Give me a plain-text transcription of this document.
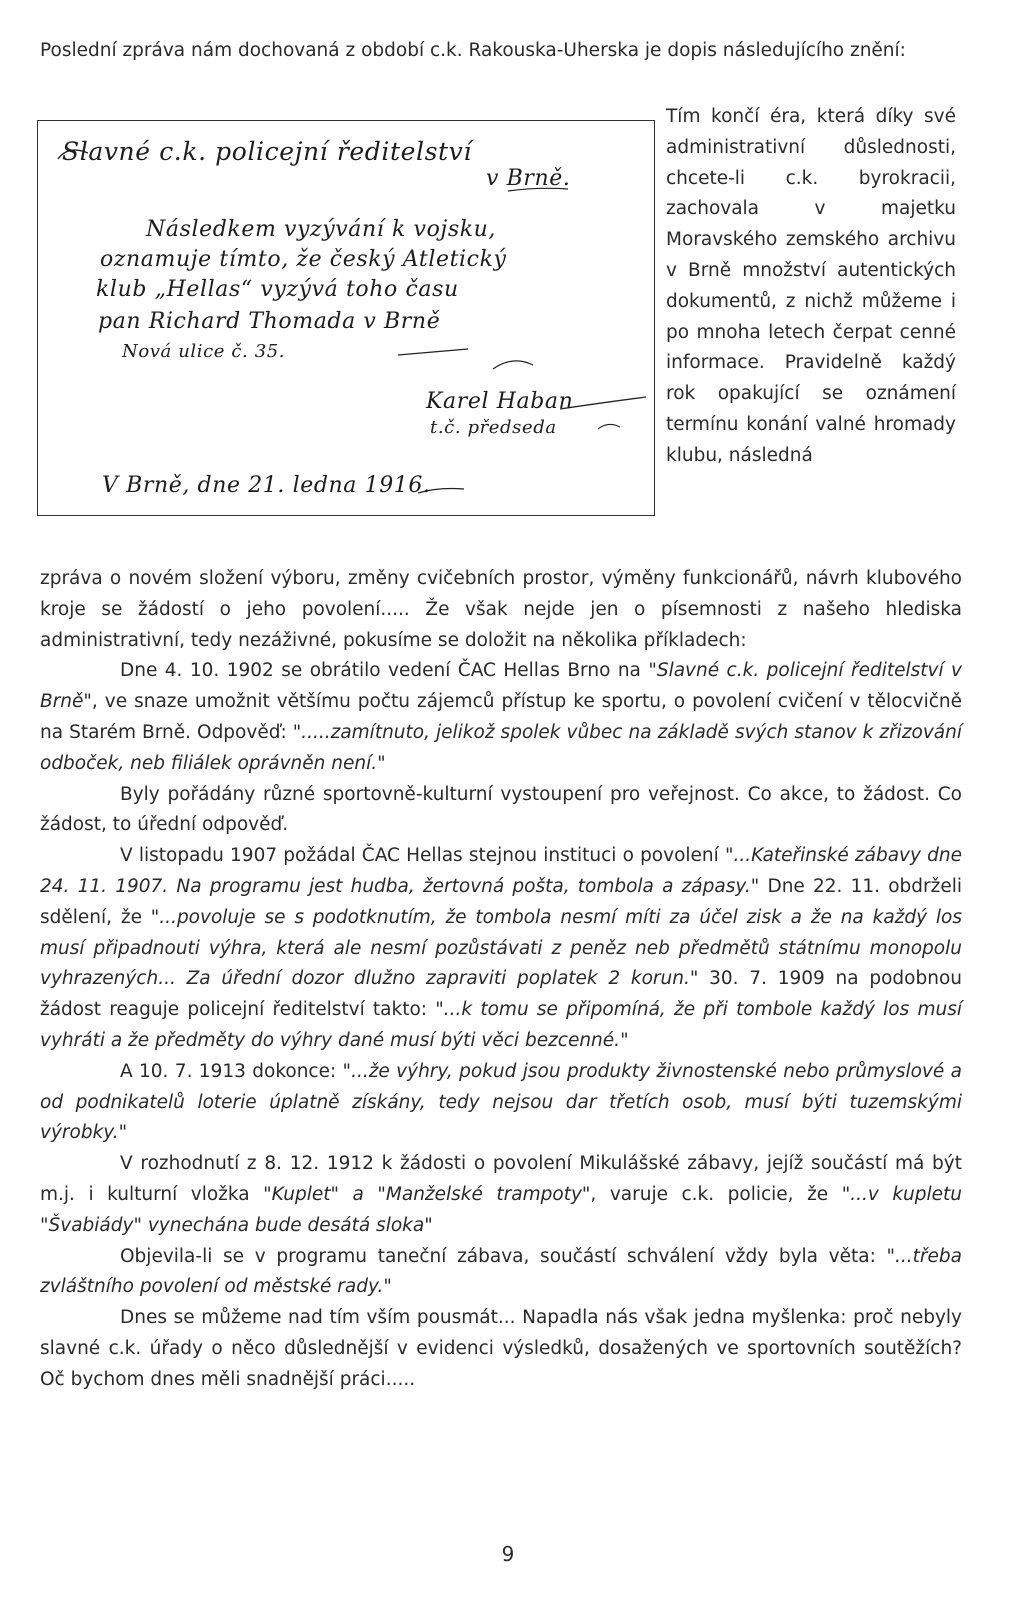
Poslední zpráva nám dochovaná z období c.k. Rakouska-Uherska je dopis následujícího znění:

Slavné c.k. policejní ředitelství
v Brně.
Následkem vyzývání k vojsku,
oznamuje tímto, že český Atletický
klub „Hellas“ vyzývá toho času
pan Richard Thomada v Brně
Nová ulice č. 35.
Karel Haban
t.č. předseda
V Brně, dne 21. ledna 1916.

Tím končí éra, která díky své administrativní důslednosti, chcete-li c.k. byrokracii, zachovala v majetku Moravského zemského archivu v Brně množství autentických dokumentů, z nichž můžeme i po mnoha letech čerpat cenné informace. Pravidelně každý rok opakující se oznámení termínu konání valné hromady klubu, následná

zpráva o novém složení výboru, změny cvičebních prostor, výměny funkcionářů, návrh klubového kroje se žádostí o jeho povolení..... Že však nejde jen o písemnosti z našeho hlediska administrativní, tedy nezáživné, pokusíme se doložit na několika příkladech:

Dne 4. 10. 1902 se obrátilo vedení ČAC Hellas Brno na "Slavné c.k. policejní ředitelství v Brně", ve snaze umožnit většímu počtu zájemců přístup ke sportu, o povolení cvičení v tělocvičně na Starém Brně. Odpověď: ".....zamítnuto, jelikož spolek vůbec na základě svých stanov k zřizování odboček, neb filiálek oprávněn není."

Byly pořádány různé sportovně-kulturní vystoupení pro veřejnost. Co akce, to žádost. Co žádost, to úřední odpověď.

V listopadu 1907 požádal ČAC Hellas stejnou instituci o povolení "...Kateřinské zábavy dne 24. 11. 1907. Na programu jest hudba, žertovná pošta, tombola a zápasy." Dne 22. 11. obdrželi sdělení, že "...povoluje se s podotknutím, že tombola nesmí míti za účel zisk a že na každý los musí připadnouti výhra, která ale nesmí pozůstávati z peněz neb předmětů státnímu monopolu vyhrazených... Za úřední dozor dlužno zapraviti poplatek 2 korun." 30. 7. 1909 na podobnou žádost reaguje policejní ředitelství takto: "...k tomu se připomíná, že při tombole každý los musí vyhráti a že předměty do výhry dané musí býti věci bezcenné."

A 10. 7. 1913 dokonce: "...že výhry, pokud jsou produkty živnostenské nebo průmyslové a od podnikatelů loterie úplatně získány, tedy nejsou dar třetích osob, musí býti tuzemskými výrobky."

V rozhodnutí z 8. 12. 1912 k žádosti o povolení Mikulášské zábavy, jejíž součástí má být m.j. i kulturní vložka "Kuplet" a "Manželské trampoty", varuje c.k. policie, že "...v kupletu "Švabiády" vynechána bude desátá sloka"

Objevila-li se v programu taneční zábava, součástí schválení vždy byla věta: "...třeba zvláštního povolení od městské rady."

Dnes se můžeme nad tím vším pousmát... Napadla nás však jedna myšlenka: proč nebyly slavné c.k. úřady o něco důslednější v evidenci výsledků, dosažených ve sportovních soutěžích? Oč bychom dnes měli snadnější práci.....

9
